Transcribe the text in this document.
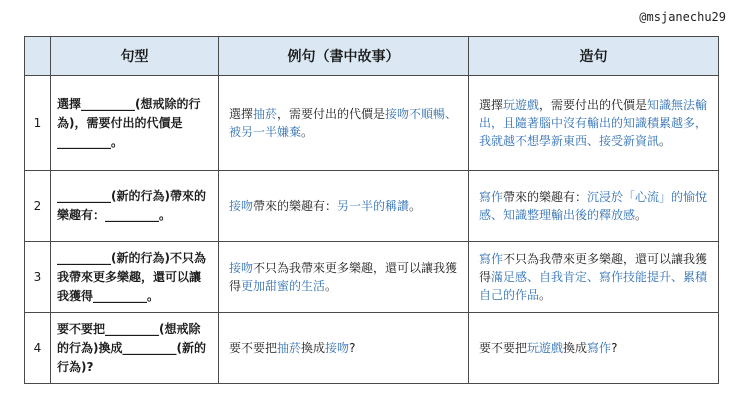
@msjanechu29
	句型	例句（書中故事）	造句
1	選擇_________(想戒除的行為)，需要付出的代價是_________。	選擇抽菸，需要付出的代價是接吻不順暢、被另一半嫌棄。	選擇玩遊戲，需要付出的代價是知識無法輸出，且隨著腦中沒有輸出的知識積累越多，我就越不想學新東西、接受新資訊。
2	_________(新的行為)帶來的樂趣有：_________。	接吻帶來的樂趣有：另一半的稱讚。	寫作帶來的樂趣有：沉浸於「心流」的愉悅感、知識整理輸出後的釋放感。
3	_________(新的行為)不只為我帶來更多樂趣，還可以讓我獲得_________。	接吻不只為我帶來更多樂趣，還可以讓我獲得更加甜蜜的生活。	寫作不只為我帶來更多樂趣，還可以讓我獲得滿足感、自我肯定、寫作技能提升、累積自己的作品。
4	要不要把_________(想戒除的行為)換成_________(新的行為)?	要不要把抽菸換成接吻?	要不要把玩遊戲換成寫作?
